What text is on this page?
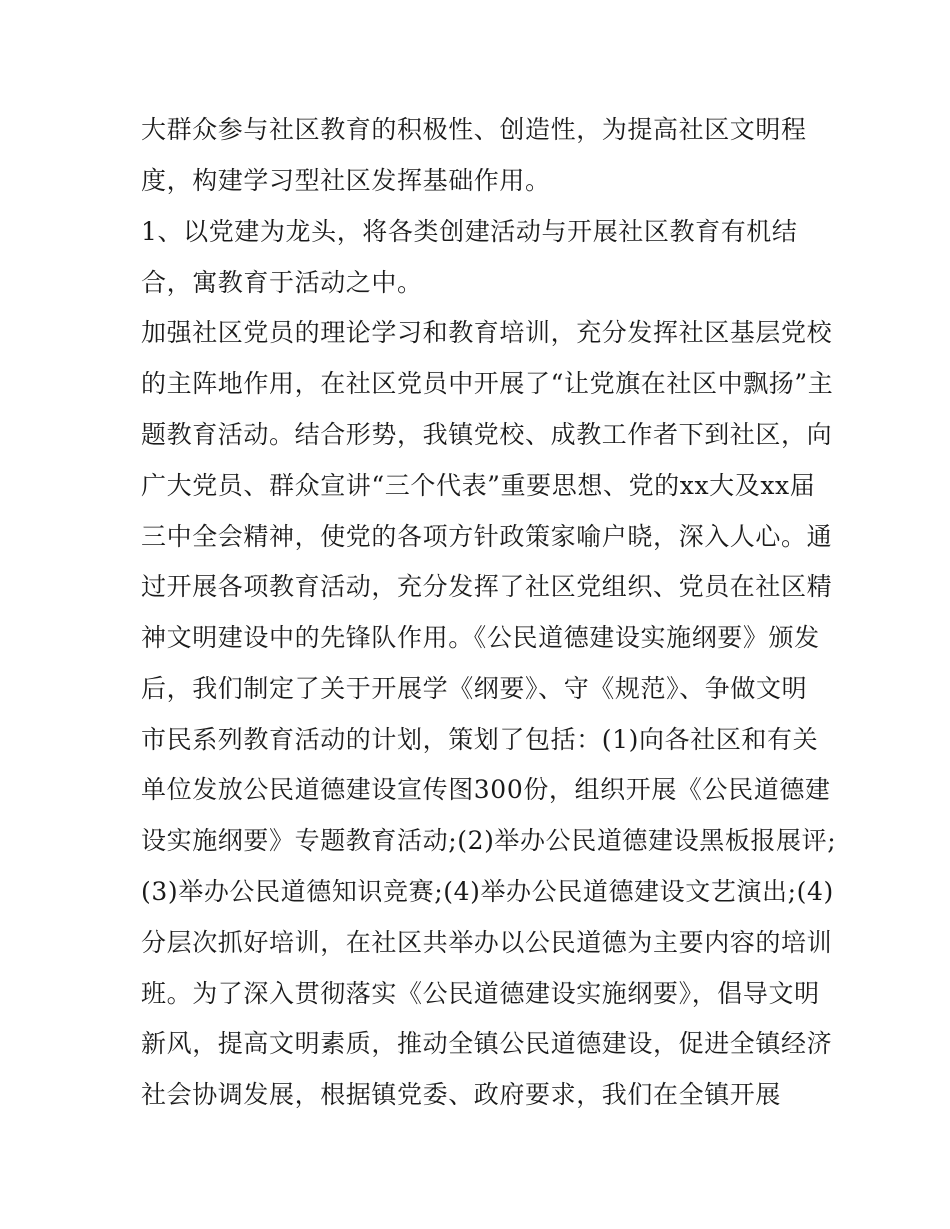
大群众参与社区教育的积极性、创造性，为提高社区文明程
度，构建学习型社区发挥基础作用。
1、以党建为龙头，将各类创建活动与开展社区教育有机结
合，寓教育于活动之中。
加强社区党员的理论学习和教育培训，充分发挥社区基层党校
的主阵地作用，在社区党员中开展了“让党旗在社区中飘扬”主
题教育活动。结合形势，我镇党校、成教工作者下到社区，向
广大党员、群众宣讲“三个代表”重要思想、党的xx大及xx届
三中全会精神，使党的各项方针政策家喻户晓，深入人心。通
过开展各项教育活动，充分发挥了社区党组织、党员在社区精
神文明建设中的先锋队作用。《公民道德建设实施纲要》颁发
后，我们制定了关于开展学《纲要》、守《规范》、争做文明
市民系列教育活动的计划，策划了包括：(1)向各社区和有关
单位发放公民道德建设宣传图300份，组织开展《公民道德建
设实施纲要》专题教育活动;(2)举办公民道德建设黑板报展评;
(3)举办公民道德知识竞赛;(4)举办公民道德建设文艺演出;(4)
分层次抓好培训，在社区共举办以公民道德为主要内容的培训
班。为了深入贯彻落实《公民道德建设实施纲要》，倡导文明
新风，提高文明素质，推动全镇公民道德建设，促进全镇经济
社会协调发展，根据镇党委、政府要求，我们在全镇开展
